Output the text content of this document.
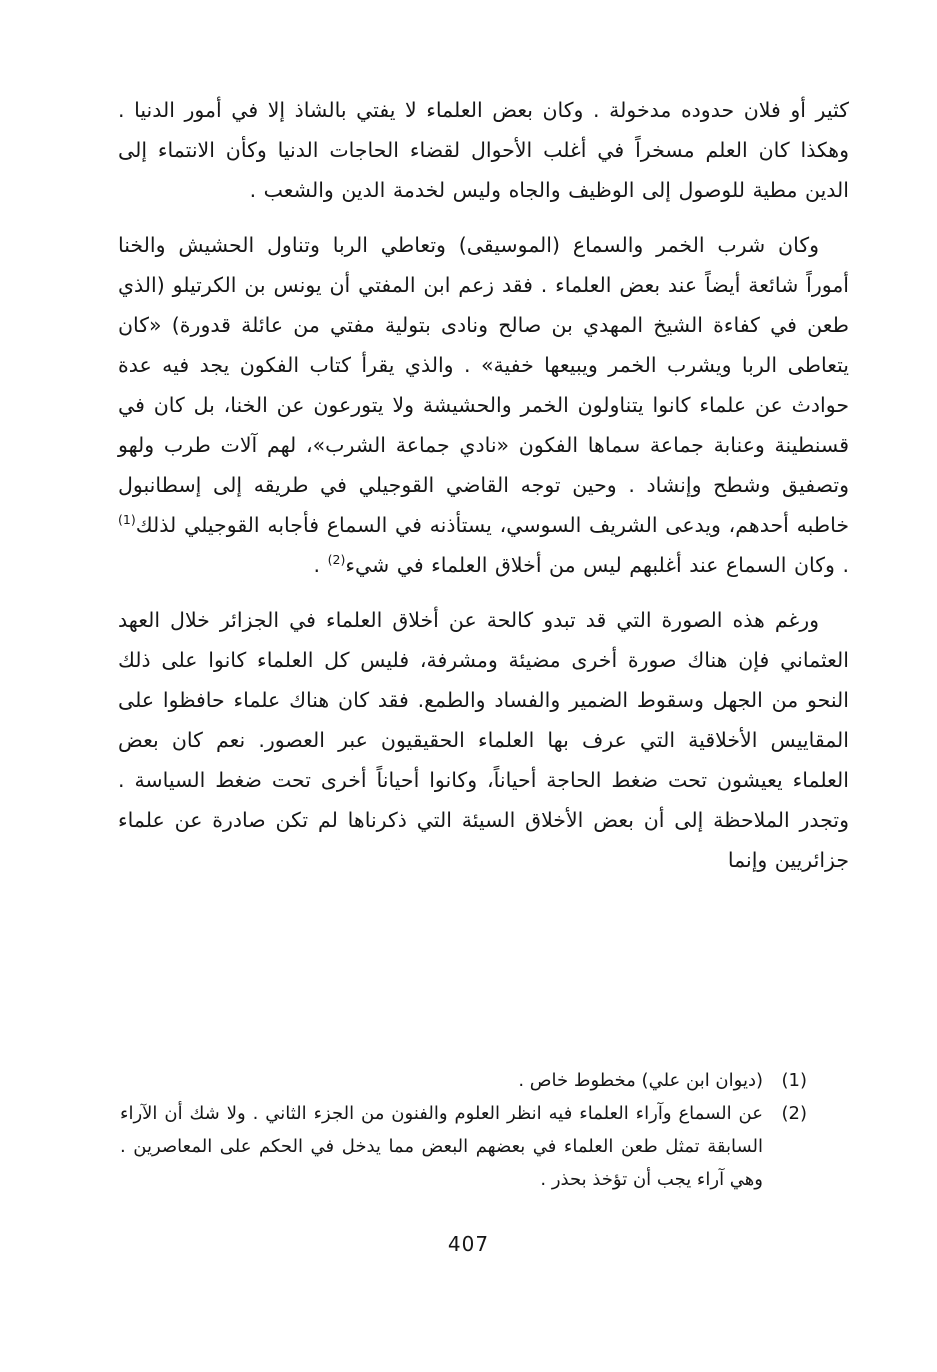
كثير أو فلان حدوده مدخولة . وكان بعض العلماء لا يفتي بالشاذ إلا في أمور الدنيا . وهكذا كان العلم مسخراً في أغلب الأحوال لقضاء الحاجات الدنيا وكأن الانتماء إلى الدين مطية للوصول إلى الوظيف والجاه وليس لخدمة الدين والشعب .

وكان شرب الخمر والسماع (الموسيقى) وتعاطي الربا وتناول الحشيش والخنا أموراً شائعة أيضاً عند بعض العلماء . فقد زعم ابن المفتي أن يونس بن الكرتيلو (الذي طعن في كفاءة الشيخ المهدي بن صالح ونادى بتولية مفتي من عائلة قدورة) «كان يتعاطى الربا ويشرب الخمر ويبيعها خفية» . والذي يقرأ كتاب الفكون يجد فيه عدة حوادث عن علماء كانوا يتناولون الخمر والحشيشة ولا يتورعون عن الخنا، بل كان في قسنطينة وعنابة جماعة سماها الفكون «نادي جماعة الشرب»، لهم آلات طرب ولهو وتصفيق وشطح وإنشاد . وحين توجه القاضي القوجيلي في طريقه إلى إسطانبول خاطبه أحدهم، ويدعى الشريف السوسي، يستأذنه في السماع فأجابه القوجيلي لذلك$^{(1)}$ . وكان السماع عند أغلبهم ليس من أخلاق العلماء في شيء$^{(2)}$ .

ورغم هذه الصورة التي قد تبدو كالحة عن أخلاق العلماء في الجزائر خلال العهد العثماني فإن هناك صورة أخرى مضيئة ومشرفة، فليس كل العلماء كانوا على ذلك النحو من الجهل وسقوط الضمير والفساد والطمع. فقد كان هناك علماء حافظوا على المقاييس الأخلاقية التي عرف بها العلماء الحقيقيون عبر العصور. نعم كان بعض العلماء يعيشون تحت ضغط الحاجة أحياناً، وكانوا أحياناً أخرى تحت ضغط السياسة . وتجدر الملاحظة إلى أن بعض الأخلاق السيئة التي ذكرناها لم تكن صادرة عن علماء جزائريين وإنما

(1)
(ديوان ابن علي) مخطوط خاص .
(2)
عن السماع وآراء العلماء فيه انظر العلوم والفنون من الجزء الثاني . ولا شك أن الآراء السابقة تمثل طعن العلماء في بعضهم البعض مما يدخل في الحكم على المعاصرين . وهي آراء يجب أن تؤخذ بحذر .
407
